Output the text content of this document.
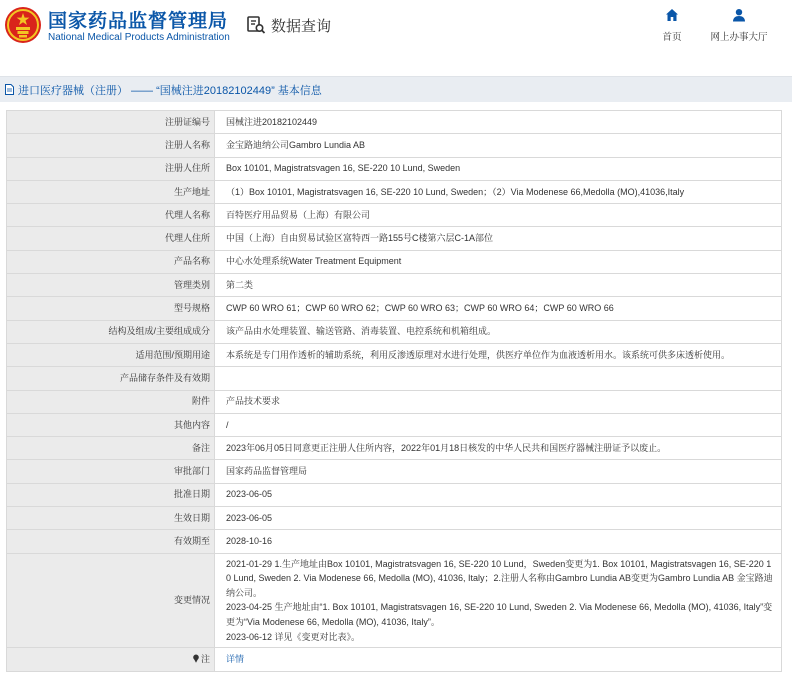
国家药品监督管理局
National Medical Products Administration
数据查询
首页	网上办事大厅
进口医疗器械（注册） —— “国械注进20182102449” 基本信息
注册证编号	国械注进20182102449
注册人名称	金宝路迪纳公司Gambro Lundia AB
注册人住所	Box 10101, Magistratsvagen 16, SE-220 10 Lund, Sweden
生产地址	（1）Box 10101, Magistratsvagen 16, SE-220 10 Lund, Sweden；（2）Via Modenese 66,Medolla (MO),41036,Italy
代理人名称	百特医疗用品贸易（上海）有限公司
代理人住所	中国（上海）自由贸易试验区富特西一路155号C楼第六层C-1A部位
产品名称	中心水处理系统Water Treatment Equipment
管理类别	第二类
型号规格	CWP 60 WRO 61；CWP 60 WRO 62；CWP 60 WRO 63；CWP 60 WRO 64；CWP 60 WRO 66
结构及组成/主要组成成分	该产品由水处理装置、输送管路、消毒装置、电控系统和机箱组成。
适用范围/预期用途	本系统是专门用作透析的辅助系统，利用反渗透原理对水进行处理，供医疗单位作为血液透析用水。该系统可供多床透析使用。
产品储存条件及有效期	
附件	产品技术要求
其他内容	/
备注	2023年06月05日同意更正注册人住所内容，2022年01月18日核发的中华人民共和国医疗器械注册证予以废止。
审批部门	国家药品监督管理局
批准日期	2023-06-05
生效日期	2023-06-05
有效期至	2028-10-16
变更情况	2021-01-29 1.生产地址由Box 10101, Magistratsvagen 16, SE-220 10 Lund，Sweden变更为1. Box 10101, Magistratsvagen 16, SE-220 10 Lund, Sweden 2. Via Modenese 66, Medolla (MO), 41036, Italy；2.注册人名称由Gambro Lundia AB变更为Gambro Lundia AB 金宝路迪纳公司。
2023-04-25 生产地址由“1. Box 10101, Magistratsvagen 16, SE-220 10 Lund, Sweden 2. Via Modenese 66, Medolla (MO), 41036, Italy”变更为“Via Modenese 66, Medolla (MO), 41036, Italy”。
2023-06-12 详见《变更对比表》。

注	详情
